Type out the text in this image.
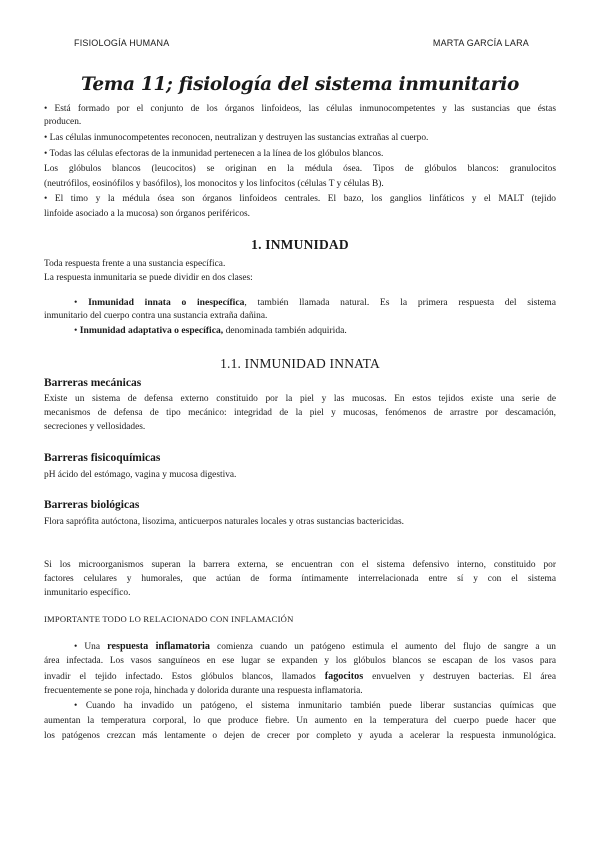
FISIOLOGÍA HUMANA	MARTA GARCÍA LARA
Tema 11; fisiología del sistema inmunitario
• Está formado por el conjunto de los órganos linfoideos, las células inmunocompetentes y las sustancias que éstas
producen.
• Las células inmunocompetentes reconocen, neutralizan y destruyen las sustancias extrañas al cuerpo.
• Todas las células efectoras de la inmunidad pertenecen a la línea de los glóbulos blancos.
Los glóbulos blancos (leucocitos) se originan en la médula ósea. Tipos de glóbulos blancos: granulocitos
(neutrófilos, eosinófilos y basófilos), los monocitos y los linfocitos (células T y células B).
• El timo y la médula ósea son órganos linfoideos centrales. El bazo, los ganglios linfáticos y el MALT (tejido
linfoide asociado a la mucosa) son órganos periféricos.
1. INMUNIDAD
Toda respuesta frente a una sustancia específica.
La respuesta inmunitaria se puede dividir en dos clases:
• Inmunidad innata o inespecífica, también llamada natural. Es la primera respuesta del sistema
inmunitario del cuerpo contra una sustancia extraña dañina.
• Inmunidad adaptativa o específica, denominada también adquirida.
1.1. INMUNIDAD INNATA
Barreras mecánicas
Existe un sistema de defensa externo constituido por la piel y las mucosas. En estos tejidos existe una serie de
mecanismos de defensa de tipo mecánico: integridad de la piel y mucosas, fenómenos de arrastre por descamación,
secreciones y vellosidades.
Barreras fisicoquímicas
pH ácido del estómago, vagina y mucosa digestiva.
Barreras biológicas
Flora saprófita autóctona, lisozima, anticuerpos naturales locales y otras sustancias bactericidas.
Si los microorganismos superan la barrera externa, se encuentran con el sistema defensivo interno, constituido por
factores celulares y humorales, que actúan de forma íntimamente interrelacionada entre sí y con el sistema
inmunitario específico.
IMPORTANTE TODO LO RELACIONADO CON INFLAMACIÓN
• Una respuesta inflamatoria comienza cuando un patógeno estimula el aumento del flujo de sangre a un
área infectada. Los vasos sanguíneos en ese lugar se expanden y los glóbulos blancos se escapan de los vasos para
invadir el tejido infectado. Estos glóbulos blancos, llamados fagocitos envuelven y destruyen bacterias. El área
frecuentemente se pone roja, hinchada y dolorida durante una respuesta inflamatoria.
• Cuando ha invadido un patógeno, el sistema inmunitario también puede liberar sustancias químicas que
aumentan la temperatura corporal, lo que produce fiebre. Un aumento en la temperatura del cuerpo puede hacer que
los patógenos crezcan más lentamente o dejen de crecer por completo y ayuda a acelerar la respuesta inmunológica.
